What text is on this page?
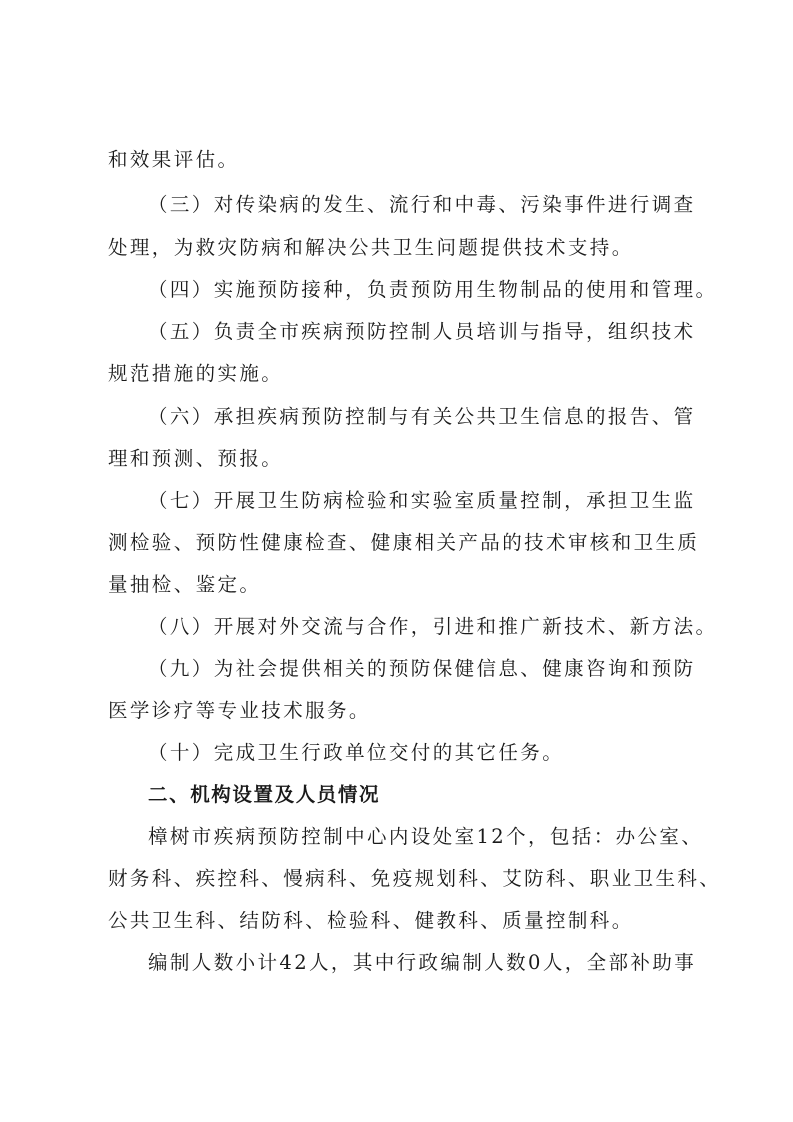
和效果评估。
（三）对传染病的发生、流行和中毒、污染事件进行调查
处理，为救灾防病和解决公共卫生问题提供技术支持。
（四）实施预防接种，负责预防用生物制品的使用和管理。
（五）负责全市疾病预防控制人员培训与指导，组织技术
规范措施的实施。
（六）承担疾病预防控制与有关公共卫生信息的报告、管
理和预测、预报。
（七）开展卫生防病检验和实验室质量控制，承担卫生监
测检验、预防性健康检查、健康相关产品的技术审核和卫生质
量抽检、鉴定。
（八）开展对外交流与合作，引进和推广新技术、新方法。
（九）为社会提供相关的预防保健信息、健康咨询和预防
医学诊疗等专业技术服务。
（十）完成卫生行政单位交付的其它任务。
二、机构设置及人员情况
樟树市疾病预防控制中心内设处室12个，包括：办公室、
财务科、疾控科、慢病科、免疫规划科、艾防科、职业卫生科、
公共卫生科、结防科、检验科、健教科、质量控制科。
编制人数小计42人，其中行政编制人数0人，全部补助事
